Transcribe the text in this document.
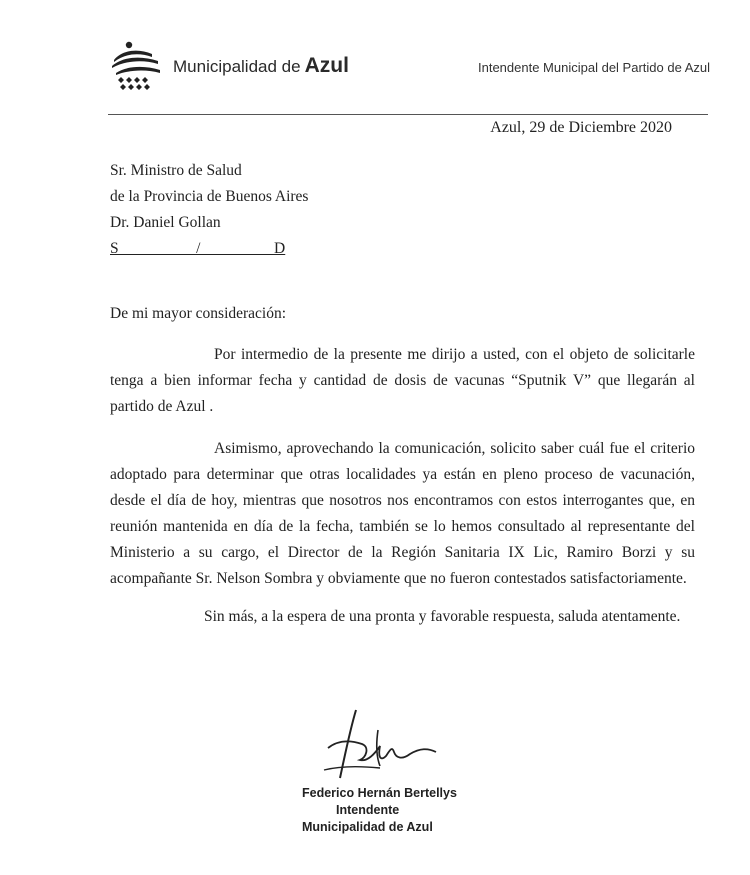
Municipalidad de Azul	Intendente Municipal del Partido de Azul
Azul, 29 de Diciembre 2020
Sr. Ministro de Salud
de la Provincia de Buenos Aires
Dr. Daniel Gollan
S                    /                   D
De mi mayor consideración:

Por intermedio de la presente me dirijo a usted, con el objeto de solicitarle tenga a bien informar fecha y cantidad de dosis de vacunas “Sputnik V” que llegarán al partido de Azul .

Asimismo, aprovechando la comunicación, solicito saber cuál fue el criterio adoptado para determinar que otras localidades ya están en pleno proceso de vacunación, desde el día de hoy, mientras que nosotros nos encontramos con estos interrogantes que, en reunión mantenida en día de la fecha, también se lo hemos consultado al representante del Ministerio a su cargo, el Director de la Región Sanitaria IX Lic, Ramiro Borzi y su acompañante Sr. Nelson Sombra y obviamente que no fueron contestados satisfactoriamente.

Sin más, a la espera de una pronta y favorable respuesta, saluda atentamente.
Federico Hernán Bertellys
Intendente
Municipalidad de Azul
